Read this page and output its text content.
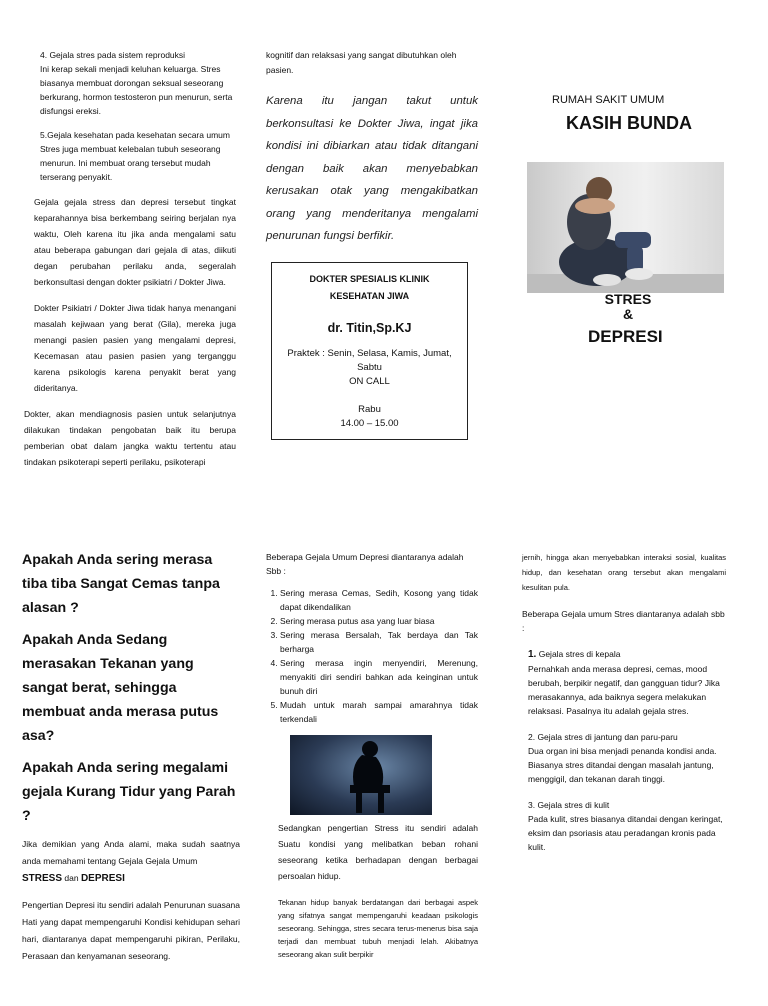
4. Gejala stres pada sistem reproduksi

Ini kerap sekali menjadi keluhan keluarga. Stres biasanya membuat dorongan seksual seseorang berkurang, hormon testosteron pun menurun, serta disfungsi ereksi.

5.Gejala kesehatan pada kesehatan secara umum

Stres juga membuat kelebalan tubuh seseorang menurun. Ini membuat orang tersebut mudah terserang penyakit.

Gejala gejala stress dan depresi tersebut tingkat keparahannya bisa berkembang seiring berjalan nya waktu, Oleh karena itu jika anda mengalami satu atau beberapa gabungan dari gejala di atas, diikuti degan perubahan perilaku anda, segeralah berkonsultasi dengan dokter psikiatri / Dokter Jiwa.

Dokter Psikiatri / Dokter Jiwa tidak hanya menangani masalah kejiwaan yang berat (Gila), mereka juga menangi pasien pasien yang mengalami depresi, Kecemasan atau pasien pasien yang terganggu karena psikologis karena penyakit berat yang dideritanya.

Dokter, akan mendiagnosis pasien untuk selanjutnya dilakukan tindakan pengobatan baik itu berupa pemberian obat dalam jangka waktu tertentu atau tindakan psikoterapi seperti perilaku, psikoterapi

kognitif dan relaksasi yang sangat dibutuhkan oleh pasien.

Karena itu jangan takut untuk berkonsultasi ke Dokter Jiwa, ingat jika kondisi ini dibiarkan atau tidak ditangani dengan baik akan menyebabkan kerusakan otak yang mengakibatkan orang yang menderitanya mengalami penurunan fungsi berfikir.

DOKTER SPESIALIS KLINIK
KESEHATAN JIWA
dr. Titin,Sp.KJ
Praktek : Senin, Selasa, Kamis, Jumat, Sabtu
ON CALL
Rabu
14.00 – 15.00
RUMAH SAKIT UMUM
KASIH BUNDA
STRES
&
DEPRESI

Apakah Anda sering merasa tiba tiba Sangat Cemas tanpa alasan ?

Apakah Anda Sedang merasakan Tekanan yang sangat berat, sehingga membuat anda merasa putus asa?

Apakah Anda sering megalami gejala Kurang Tidur yang Parah ?

Jika demikian yang Anda alami, maka sudah saatnya anda memahami tentang Gejala Gejala Umum
STRESS dan DEPRESI

Pengertian Depresi itu sendiri adalah Penurunan suasana Hati yang dapat mempengaruhi Kondisi kehidupan sehari hari, diantaranya dapat mempengaruhi pikiran, Perilaku, Perasaan dan kenyamanan seseorang.

Beberapa Gejala Umum Depresi diantaranya adalah Sbb :

1. Sering merasa Cemas, Sedih, Kosong yang tidak dapat dikendalikan
2. Sering merasa putus asa yang luar biasa
3. Sering merasa Bersalah, Tak berdaya dan Tak berharga
4. Sering merasa ingin menyendiri, Merenung, menyakiti diri sendiri bahkan ada keinginan untuk bunuh diri
5. Mudah untuk marah sampai amarahnya tidak terkendali

Sedangkan pengertian Stress itu sendiri adalah Suatu kondisi yang melibatkan beban rohani seseorang ketika berhadapan dengan berbagai persoalan hidup.

Tekanan hidup banyak berdatangan dari berbagai aspek yang sifatnya sangat mempengaruhi keadaan psikologis seseorang. Sehingga, stres secara terus-menerus bisa saja terjadi dan membuat tubuh menjadi lelah. Akibatnya seseorang akan sulit berpikir

jernih, hingga akan menyebabkan interaksi sosial, kualitas hidup, dan kesehatan orang tersebut akan mengalami kesulitan pula.

Beberapa Gejala umum Stres diantaranya adalah sbb :

1. Gejala stres di kepala

Pernahkah anda merasa depresi, cemas, mood berubah, berpikir negatif, dan gangguan tidur? Jika merasakannya, ada baiknya segera melakukan relaksasi. Pasalnya itu adalah gejala stres.

2. Gejala stres di jantung dan paru-paru

Dua organ ini bisa menjadi penanda kondisi anda. Biasanya stres ditandai dengan masalah jantung, menggigil, dan tekanan darah tinggi.

3. Gejala stres di kulit

Pada kulit, stres biasanya ditandai dengan keringat, eksim dan psoriasis atau peradangan kronis pada kulit.
